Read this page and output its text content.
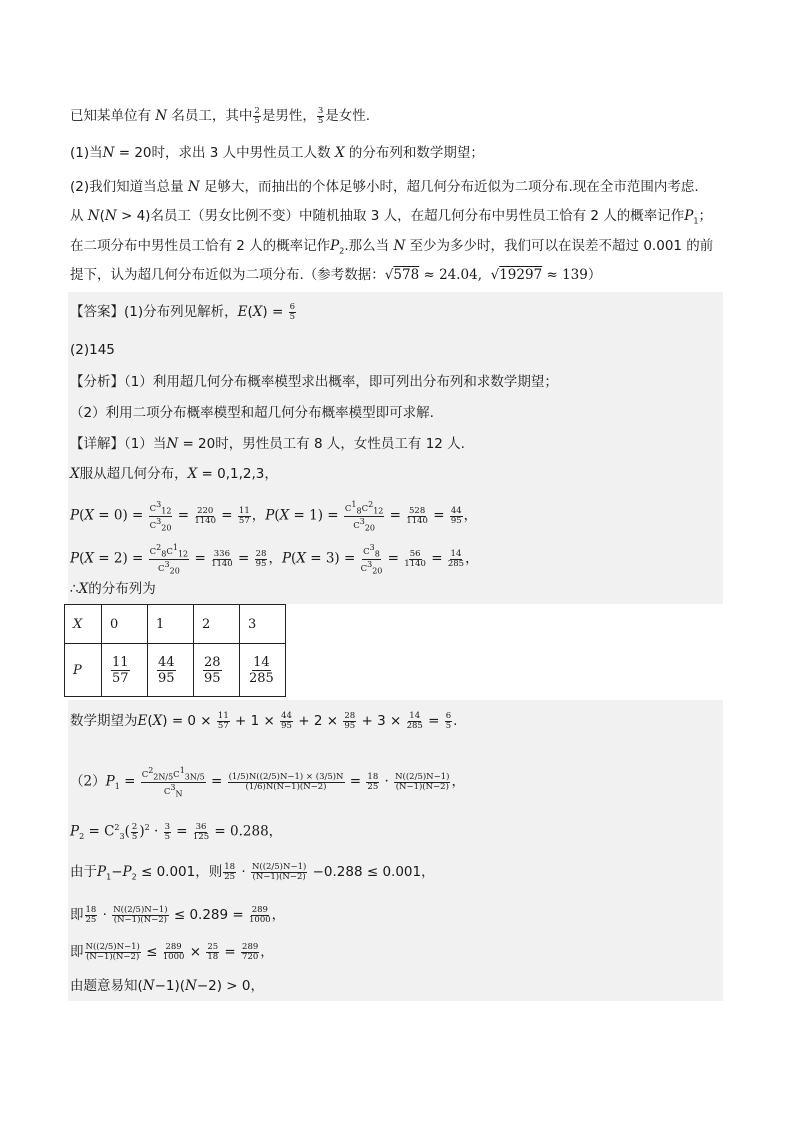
已知某单位有 N 名员工，其中 $\frac{2}{5}$ 是男性， $\frac{3}{5}$ 是女性.
(1)当N = 20时，求出 3 人中男性员工人数 X 的分布列和数学期望；
(2)我们知道当总量 N 足够大，而抽出的个体足够小时，超几何分布近似为二项分布.现在全市范围内考虑.
从 N(N > 4)名员工（男女比例不变）中随机抽取 3 人，在超几何分布中男性员工恰有 2 人的概率记作$P_1$；
在二项分布中男性员工恰有 2 人的概率记作$P_2$.那么当 N 至少为多少时，我们可以在误差不超过 0.001 的前
提下，认为超几何分布近似为二项分布.（参考数据：√578 ≈ 24.04,  √19297 ≈ 139）
【答案】(1)分布列见解析，$E(X) = \frac{6}{5}$
(2)145
【分析】（1）利用超几何分布概率模型求出概率，即可列出分布列和求数学期望；
（2）利用二项分布概率模型和超几何分布概率模型即可求解.
【详解】（1）当N = 20时，男性员工有 8 人，女性员工有 12 人.
X服从超几何分布，X = 0,1,2,3，
$P(X = 0) = \frac{C312}{C320} = \frac{220}{1140} = \frac{11}{57}$ ，$P(X = 1) = \frac{C18C212}{C320} = \frac{528}{1140} = \frac{44}{95}$ ，
$P(X = 2) = \frac{C28C112}{C320} = \frac{336}{1140} = \frac{28}{95}$ ，$P(X = 3) = \frac{C38}{C320} = \frac{56}{1140} = \frac{14}{285}$ ，
∴X的分布列为
X	0	1	2	3
P	$\frac{11}{57}$	$\frac{44}{95}$	$\frac{28}{95}$	$\frac{14}{285}$
数学期望为$E(X) = 0 \times \frac{11}{57} + 1 \times \frac{44}{95} + 2 \times \frac{28}{95} + 3 \times \frac{14}{285} = \frac{6}{5}$ .
$(2)P_1 = \frac{C22N/5C13N/5}{C3N} = \frac{(1/5)N((2/5)N-1) \times (3/5)N}{(1/6)N(N-1)(N-2)} = \frac{18}{25} \cdot \frac{N((2/5)N-1)}{(N-1)(N-2)}$ ，
$P_2 = C^2_3( \frac{2}{5} )^2 \cdot \frac{3}{5} = \frac{36}{125} = 0.288$，
由于$P_1-P_2 \le 0.001$，则 $\frac{18}{25} \cdot \frac{N((2/5)N-1)}{(N-1)(N-2)} -0.288 \le 0.001$，
即 $\frac{18}{25} \cdot \frac{N((2/5)N-1)}{(N-1)(N-2)} \le 0.289 = \frac{289}{1000}$ ，
即 $\frac{N((2/5)N-1)}{(N-1)(N-2)} \le \frac{289}{1000} \times \frac{25}{18} = \frac{289}{720}$ ，
由题意易知(N−1)(N−2) > 0，
